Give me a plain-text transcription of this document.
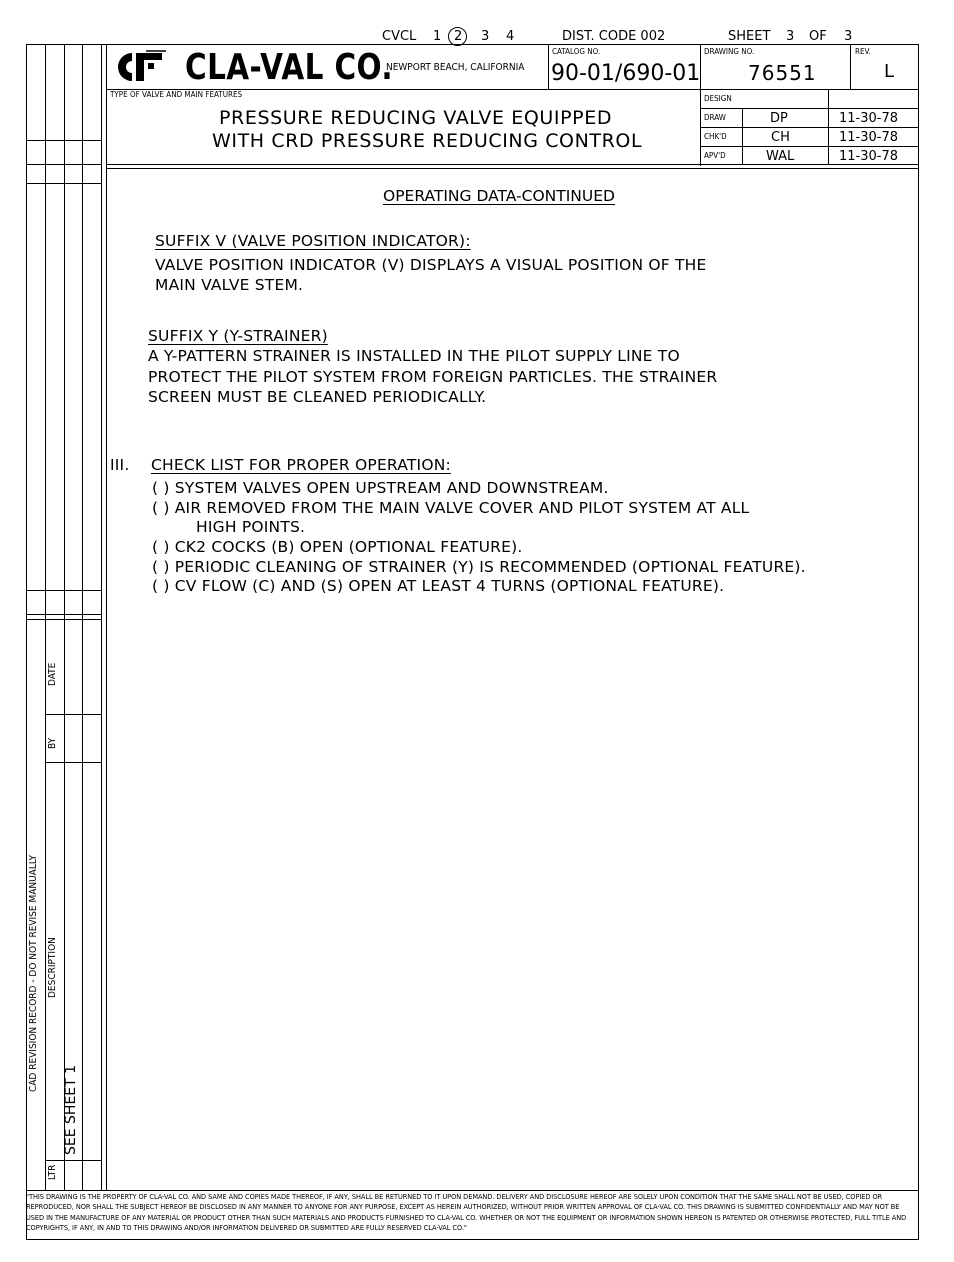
CVCL 1 2 3 4	DIST. CODE 002	SHEET 3 OF 3
CAD REVISION RECORD - DO NOT REVISE MANUALLY
LTR
DESCRIPTION
BY
DATE
SEE SHEET 1
CLA-VAL CO.
NEWPORT BEACH, CALIFORNIA
CATALOG NO.
90-01/690-01
DRAWING NO.
76551
REV.
L
TYPE OF VALVE AND MAIN FEATURES
PRESSURE REDUCING VALVE EQUIPPED
WITH CRD PRESSURE REDUCING CONTROL
DESIGN
DRAW	DP	11-30-78
CHK'D	CH	11-30-78
APV'D	WAL	11-30-78
OPERATING DATA-CONTINUED
SUFFIX V (VALVE POSITION INDICATOR):
VALVE POSITION INDICATOR (V) DISPLAYS A VISUAL POSITION OF THE
MAIN VALVE STEM.
SUFFIX Y (Y-STRAINER)
A Y-PATTERN STRAINER IS INSTALLED IN THE PILOT SUPPLY LINE TO
PROTECT THE PILOT SYSTEM FROM FOREIGN PARTICLES. THE STRAINER
SCREEN MUST BE CLEANED PERIODICALLY.
III. CHECK LIST FOR PROPER OPERATION:
( ) SYSTEM VALVES OPEN UPSTREAM AND DOWNSTREAM.
( ) AIR REMOVED FROM THE MAIN VALVE COVER AND PILOT SYSTEM AT ALL
HIGH POINTS.
( ) CK2 COCKS (B) OPEN (OPTIONAL FEATURE).
( ) PERIODIC CLEANING OF STRAINER (Y) IS RECOMMENDED (OPTIONAL FEATURE).
( ) CV FLOW (C) AND (S) OPEN AT LEAST 4 TURNS (OPTIONAL FEATURE).
"THIS DRAWING IS THE PROPERTY OF CLA-VAL CO. AND SAME AND COPIES MADE THEREOF, IF ANY, SHALL BE RETURNED TO IT UPON DEMAND. DELIVERY AND DISCLOSURE HEREOF ARE SOLELY UPON CONDITION THAT THE SAME SHALL NOT BE USED, COPIED OR REPRODUCED, NOR SHALL THE SUBJECT HEREOF BE DISCLOSED IN ANY MANNER TO ANYONE FOR ANY PURPOSE, EXCEPT AS HEREIN AUTHORIZED, WITHOUT PRIOR WRITTEN APPROVAL OF CLA-VAL CO. THIS DRAWING IS SUBMITTED CONFIDENTIALLY AND MAY NOT BE USED IN THE MANUFACTURE OF ANY MATERIAL OR PRODUCT OTHER THAN SUCH MATERIALS AND PRODUCTS FURNISHED TO CLA-VAL CO. WHETHER OR NOT THE EQUIPMENT OR INFORMATION SHOWN HEREON IS PATENTED OR OTHERWISE PROTECTED, FULL TITLE AND COPYRIGHTS, IF ANY, IN AND TO THIS DRAWING AND/OR INFORMATION DELIVERED OR SUBMITTED ARE FULLY RESERVED CLA-VAL CO."
